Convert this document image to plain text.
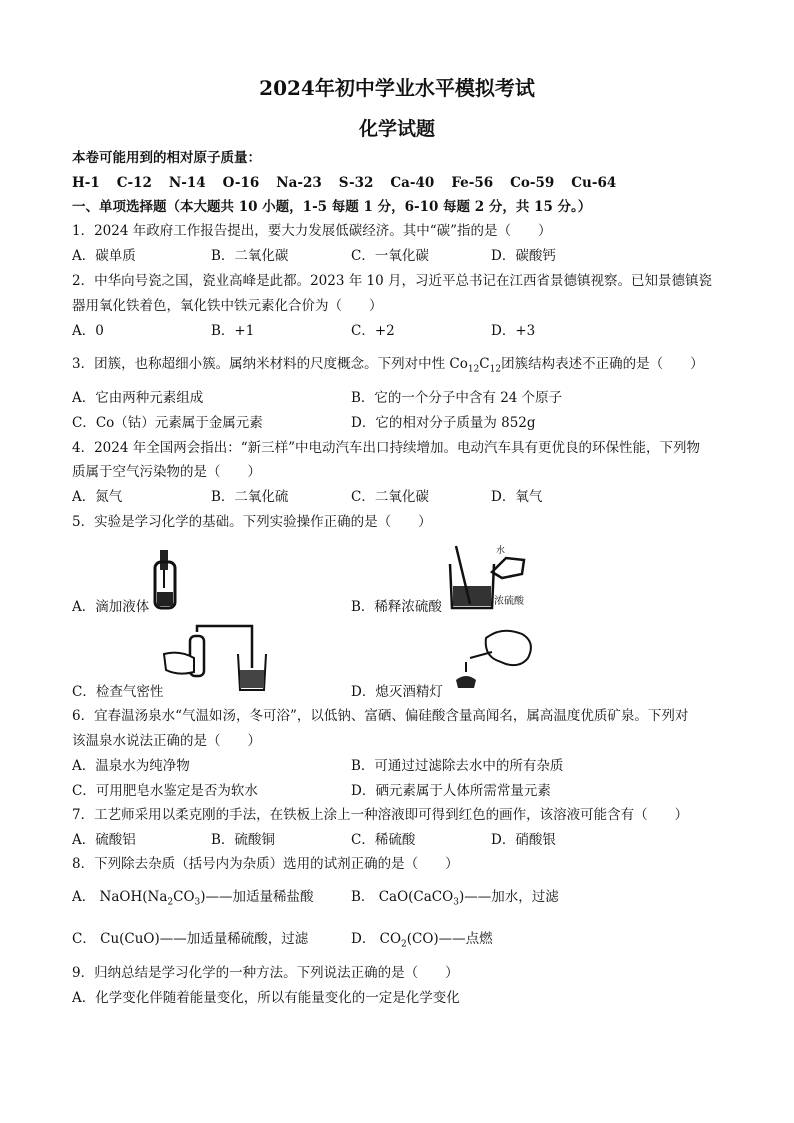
2024年初中学业水平模拟考试
化学试题
本卷可能用到的相对原子质量：
H-1 C-12 N-14 O-16 Na-23 S-32 Ca-40 Fe-56 Co-59 Cu-64
一、单项选择题（本大题共 10 小题，1-5 每题 1 分，6-10 每题 2 分，共 15 分。）
1．2024 年政府工作报告提出，要大力发展低碳经济。其中“碳”指的是（　　）
A．碳单质	B．二氧化碳	C．一氧化碳	D．碳酸钙
2．中华向号瓷之国，瓷业高峰是此都。2023 年 10 月，习近平总书记在江西省景德镇视察。已知景德镇瓷
器用氧化铁着色，氧化铁中铁元素化合价为（　　）
A．0	B．+1	C．+2	D．+3
3．团簇，也称超细小簇。属纳米材料的尺度概念。下列对中性 $Co_{12}C_{12}$团簇结构表述不正确的是（　　）
A．它由两种元素组成	B．它的一个分子中含有 24 个原子
C．Co（钴）元素属于金属元素	D．它的相对分子质量为 852g
4．2024 年全国两会指出：“新三样”中电动汽车出口持续增加。电动汽车具有更优良的环保性能，下列物
质属于空气污染物的是（　　）
A．氮气	B．二氧化硫	C．二氧化碳	D．氧气
5．实验是学习化学的基础。下列实验操作正确的是（　　）
A．滴加液体
水
浓硫酸
B．稀释浓硫酸
C．检查气密性	D．熄灭酒精灯
6．宜春温汤泉水“气温如汤，冬可浴”，以低钠、富硒、偏硅酸含量高闻名，属高温度优质矿泉。下列对
该温泉水说法正确的是（　　）
A．温泉水为纯净物	B．可通过过滤除去水中的所有杂质
C．可用肥皂水鉴定是否为软水	D．硒元素属于人体所需常量元素
7．工艺师采用以柔克刚的手法，在铁板上涂上一种溶液即可得到红色的画作，该溶液可能含有（　　）
A．硫酸铝	B．硫酸铜	C．稀硫酸	D．硝酸银
8．下列除去杂质（括号内为杂质）选用的试剂正确的是（　　）
A． $NaOH(Na_2CO_3)——$加适量稀盐酸	B． CaO(CaCO$_3$)——加水，过滤
C． Cu(CuO)——加适量稀硫酸，过滤	D． $CO_2(CO)——$点燃
9．归纳总结是学习化学的一种方法。下列说法正确的是（　　）
A．化学变化伴随着能量变化，所以有能量变化的一定是化学变化
